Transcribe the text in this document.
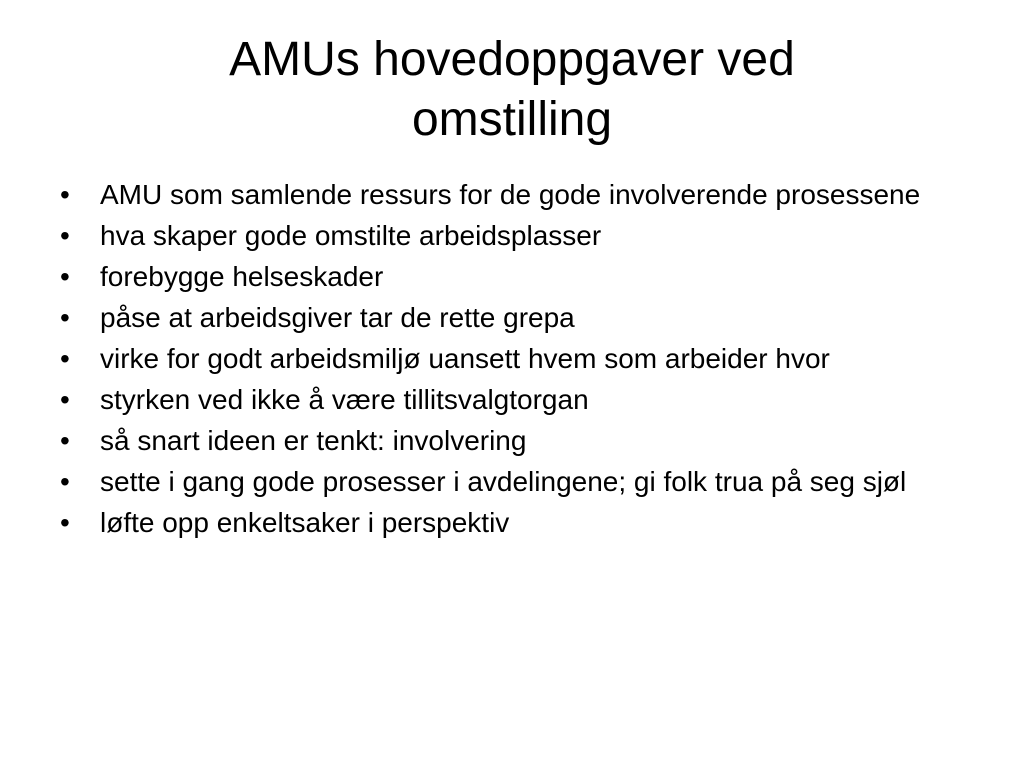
AMUs hovedoppgaver ved
omstilling
•	AMU som samlende ressurs for de gode involverende prosessene
•	hva skaper gode omstilte arbeidsplasser
•	forebygge helseskader
•	påse at arbeidsgiver tar de rette grepa
•	virke for godt arbeidsmiljø uansett hvem som arbeider hvor
•	styrken ved ikke å være tillitsvalgtorgan
•	så snart ideen er tenkt: involvering
•	sette i gang gode prosesser i avdelingene; gi folk trua på seg sjøl
•	løfte opp enkeltsaker i perspektiv
